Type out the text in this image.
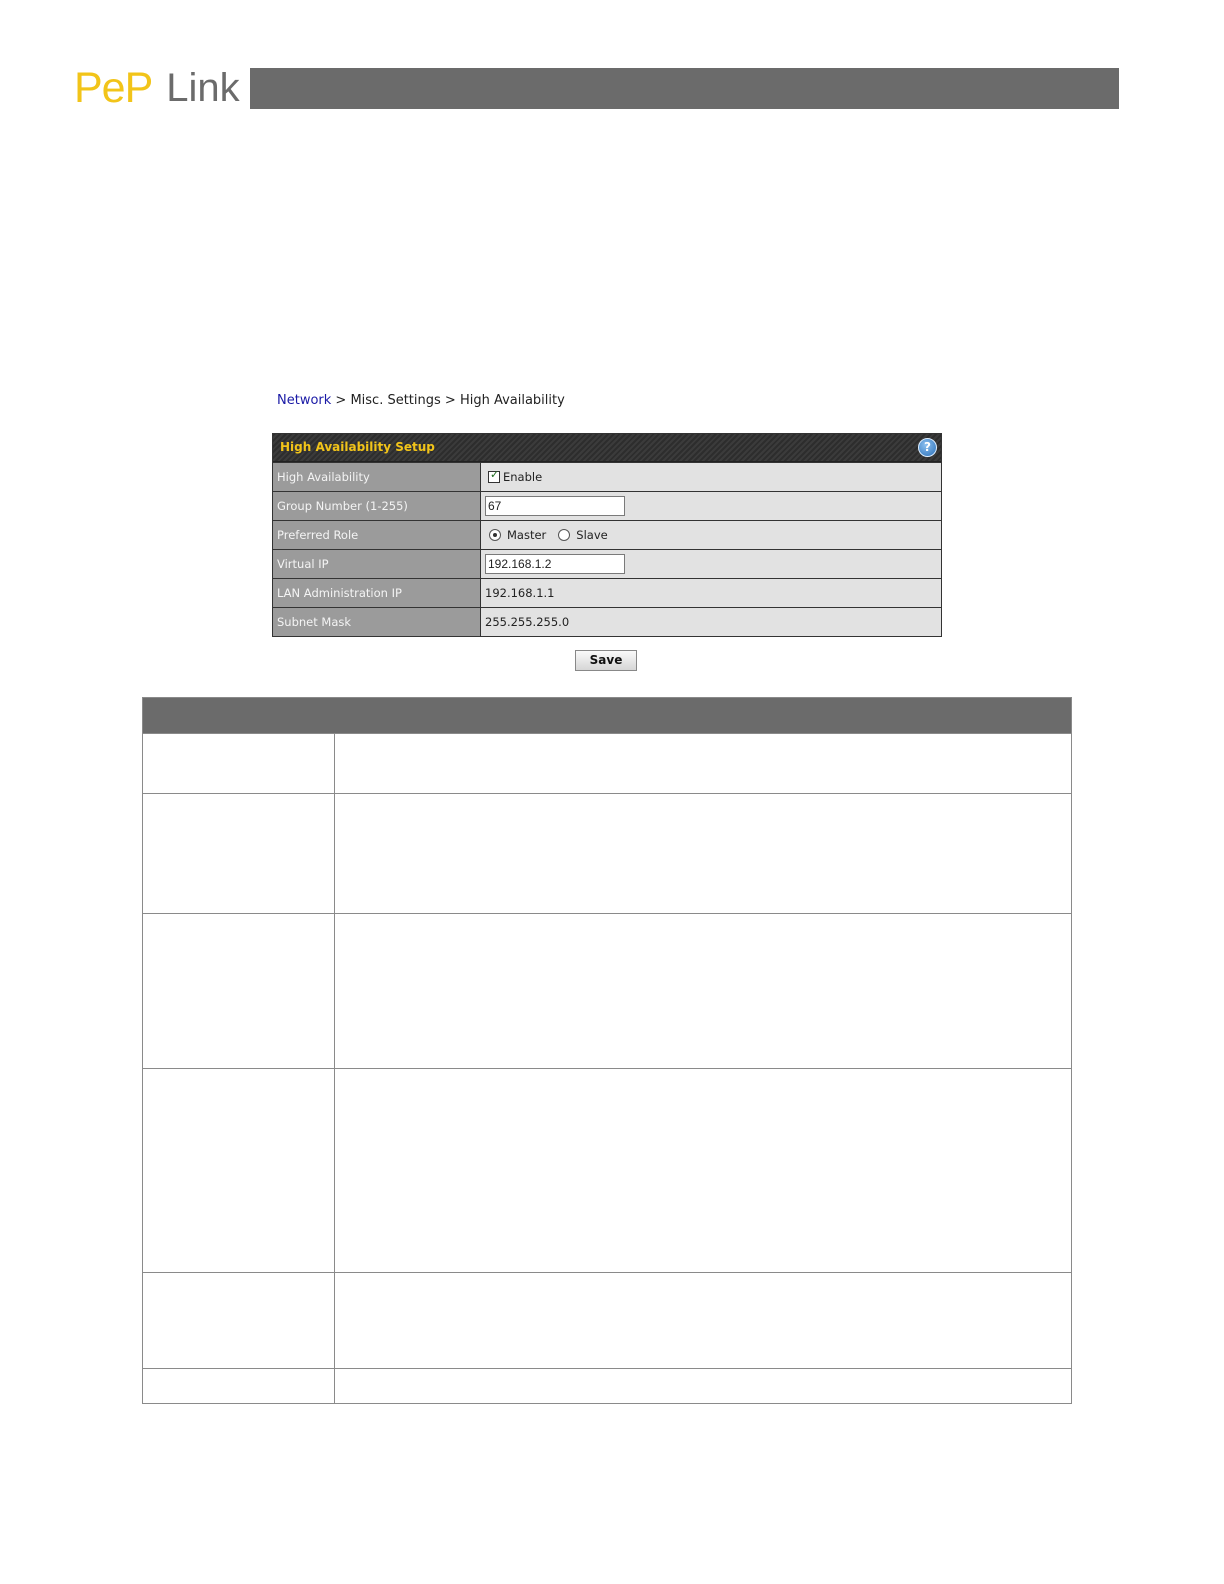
PeP Link
Network > Misc. Settings > High Availability
High Availability Setup	?
High Availability	✓ Enable
Group Number (1-255)	67
Preferred Role	Master	Slave
Virtual IP	192.168.1.2
LAN Administration IP	192.168.1.1
Subnet Mask	255.255.255.0
Save
